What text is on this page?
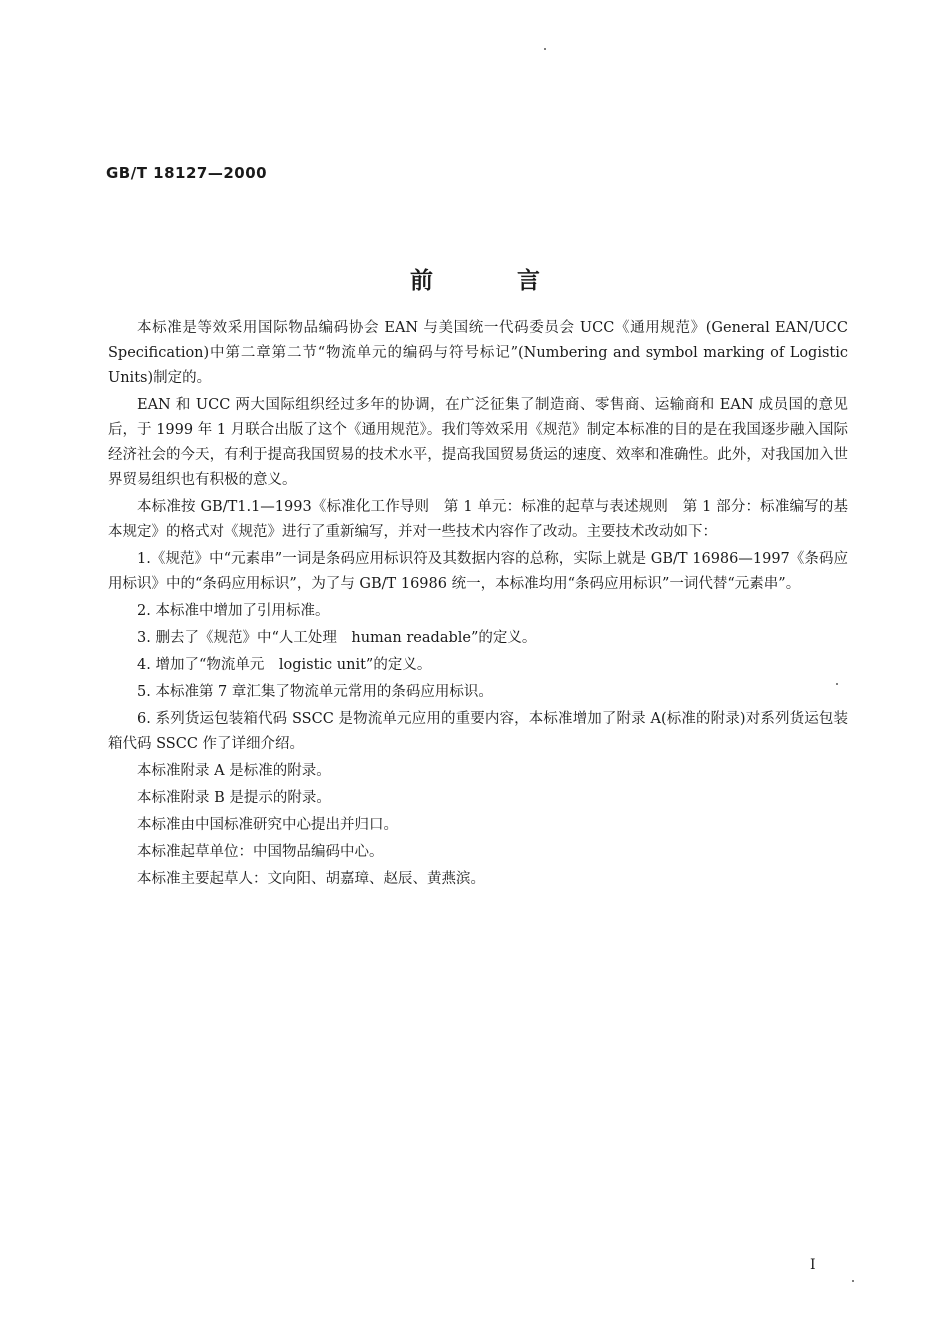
GB/T 18127—2000
前言

本标准是等效采用国际物品编码协会 EAN 与美国统一代码委员会 UCC《通用规范》(General EAN/UCC Specification)中第二章第二节“物流单元的编码与符号标记”(Numbering and symbol marking of Logistic Units)制定的。

EAN 和 UCC 两大国际组织经过多年的协调，在广泛征集了制造商、零售商、运输商和 EAN 成员国的意见后，于 1999 年 1 月联合出版了这个《通用规范》。我们等效采用《规范》制定本标准的目的是在我国逐步融入国际经济社会的今天，有利于提高我国贸易的技术水平，提高我国贸易货运的速度、效率和准确性。此外，对我国加入世界贸易组织也有积极的意义。

本标准按 GB/T1.1—1993《标准化工作导则　第 1 单元：标准的起草与表述规则　第 1 部分：标准编写的基本规定》的格式对《规范》进行了重新编写，并对一些技术内容作了改动。主要技术改动如下：

1.《规范》中“元素串”一词是条码应用标识符及其数据内容的总称，实际上就是 GB/T 16986—1997《条码应用标识》中的“条码应用标识”，为了与 GB/T 16986 统一，本标准均用“条码应用标识”一词代替“元素串”。

2. 本标准中增加了引用标准。

3. 删去了《规范》中“人工处理　human readable”的定义。

4. 增加了“物流单元　logistic unit”的定义。

5. 本标准第 7 章汇集了物流单元常用的条码应用标识。

6. 系列货运包装箱代码 SSCC 是物流单元应用的重要内容，本标准增加了附录 A(标准的附录)对系列货运包装箱代码 SSCC 作了详细介绍。

本标准附录 A 是标准的附录。

本标准附录 B 是提示的附录。

本标准由中国标准研究中心提出并归口。

本标准起草单位：中国物品编码中心。

本标准主要起草人：文向阳、胡嘉璋、赵辰、黄燕滨。

I
